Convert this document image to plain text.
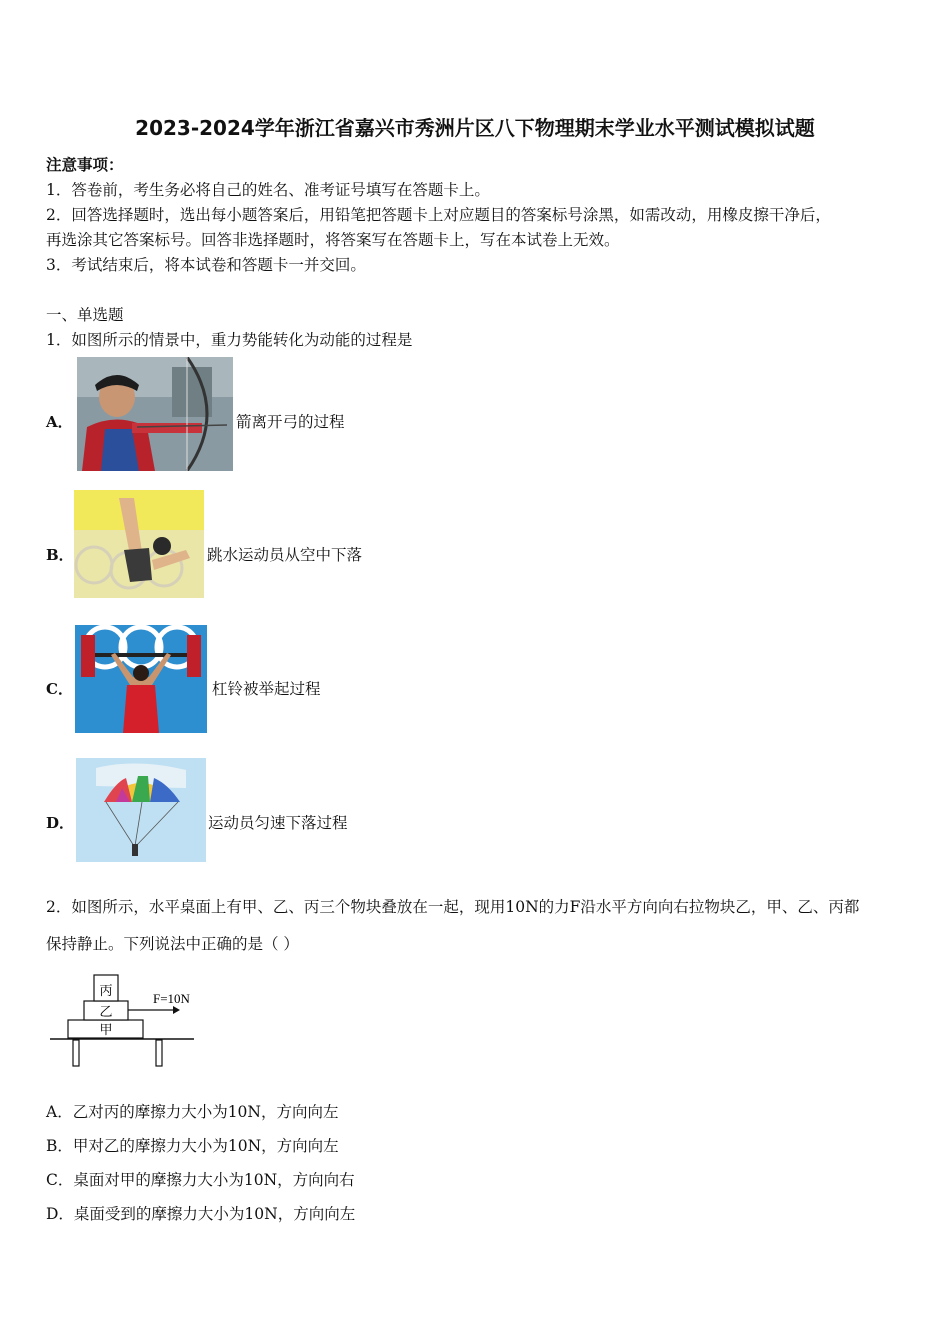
2023-2024学年浙江省嘉兴市秀洲片区八下物理期末学业水平测试模拟试题
注意事项：
1．答卷前，考生务必将自己的姓名、准考证号填写在答题卡上。
2．回答选择题时，选出每小题答案后，用铅笔把答题卡上对应题目的答案标号涂黑，如需改动，用橡皮擦干净后，
再选涂其它答案标号。回答非选择题时，将答案写在答题卡上，写在本试卷上无效。
3．考试结束后，将本试卷和答题卡一并交回。
一、单选题
1．如图所示的情景中，重力势能转化为动能的过程是
A．	箭离开弓的过程
B．	跳水运动员从空中下落
C．	杠铃被举起过程
D．	运动员匀速下落过程
2．如图所示，水平桌面上有甲、乙、丙三个物块叠放在一起，现用10N的力F沿水平方向向右拉物块乙，甲、乙、丙都
保持静止。下列说法中正确的是（ ）
丙
乙
甲
F=10N
A．乙对丙的摩擦力大小为10N，方向向左
B．甲对乙的摩擦力大小为10N，方向向左
C．桌面对甲的摩擦力大小为10N，方向向右
D．桌面受到的摩擦力大小为10N，方向向左
